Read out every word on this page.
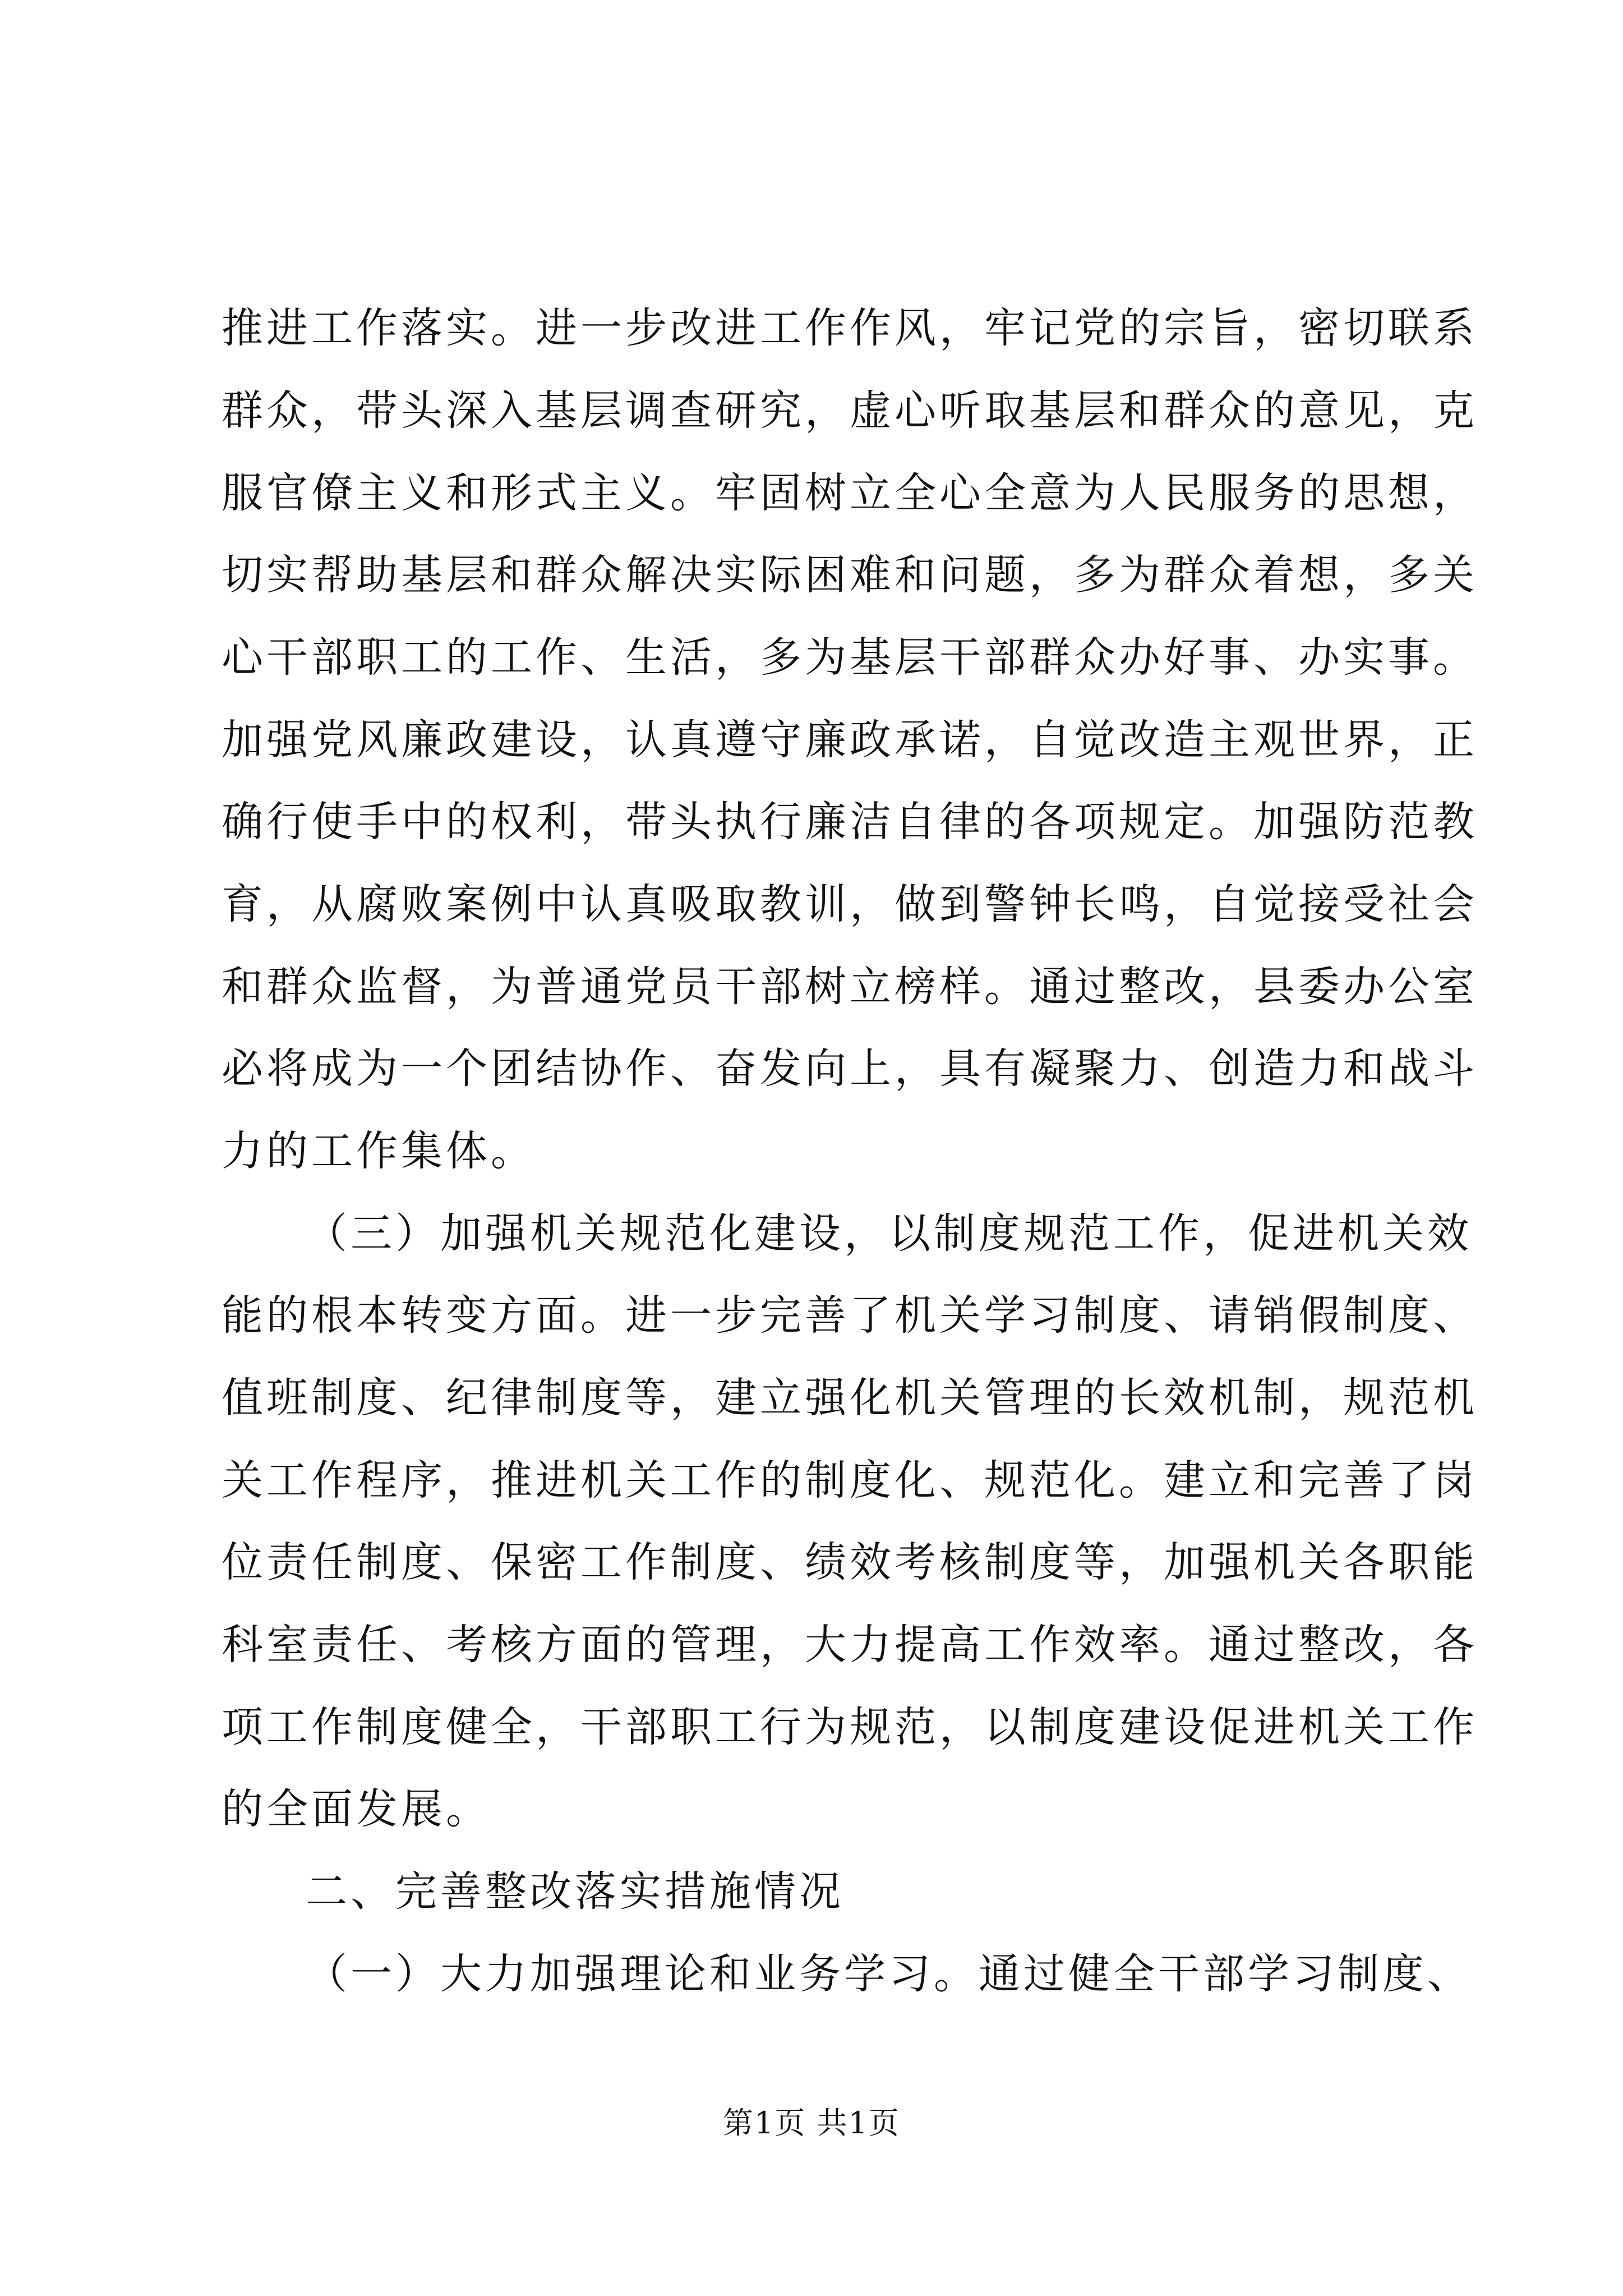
推进工作落实。进一步改进工作作风，牢记党的宗旨，密切联系
群众，带头深入基层调查研究，虚心听取基层和群众的意见，克
服官僚主义和形式主义。牢固树立全心全意为人民服务的思想，
切实帮助基层和群众解决实际困难和问题，多为群众着想，多关
心干部职工的工作、生活，多为基层干部群众办好事、办实事。
加强党风廉政建设，认真遵守廉政承诺，自觉改造主观世界，正
确行使手中的权利，带头执行廉洁自律的各项规定。加强防范教
育，从腐败案例中认真吸取教训，做到警钟长鸣，自觉接受社会
和群众监督，为普通党员干部树立榜样。通过整改，县委办公室
必将成为一个团结协作、奋发向上，具有凝聚力、创造力和战斗
力的工作集体。
（三）加强机关规范化建设，以制度规范工作，促进机关效
能的根本转变方面。进一步完善了机关学习制度、请销假制度、
值班制度、纪律制度等，建立强化机关管理的长效机制，规范机
关工作程序，推进机关工作的制度化、规范化。建立和完善了岗
位责任制度、保密工作制度、绩效考核制度等，加强机关各职能
科室责任、考核方面的管理，大力提高工作效率。通过整改，各
项工作制度健全，干部职工行为规范，以制度建设促进机关工作
的全面发展。
二、完善整改落实措施情况
（一）大力加强理论和业务学习。通过健全干部学习制度、
第1页 共1页
